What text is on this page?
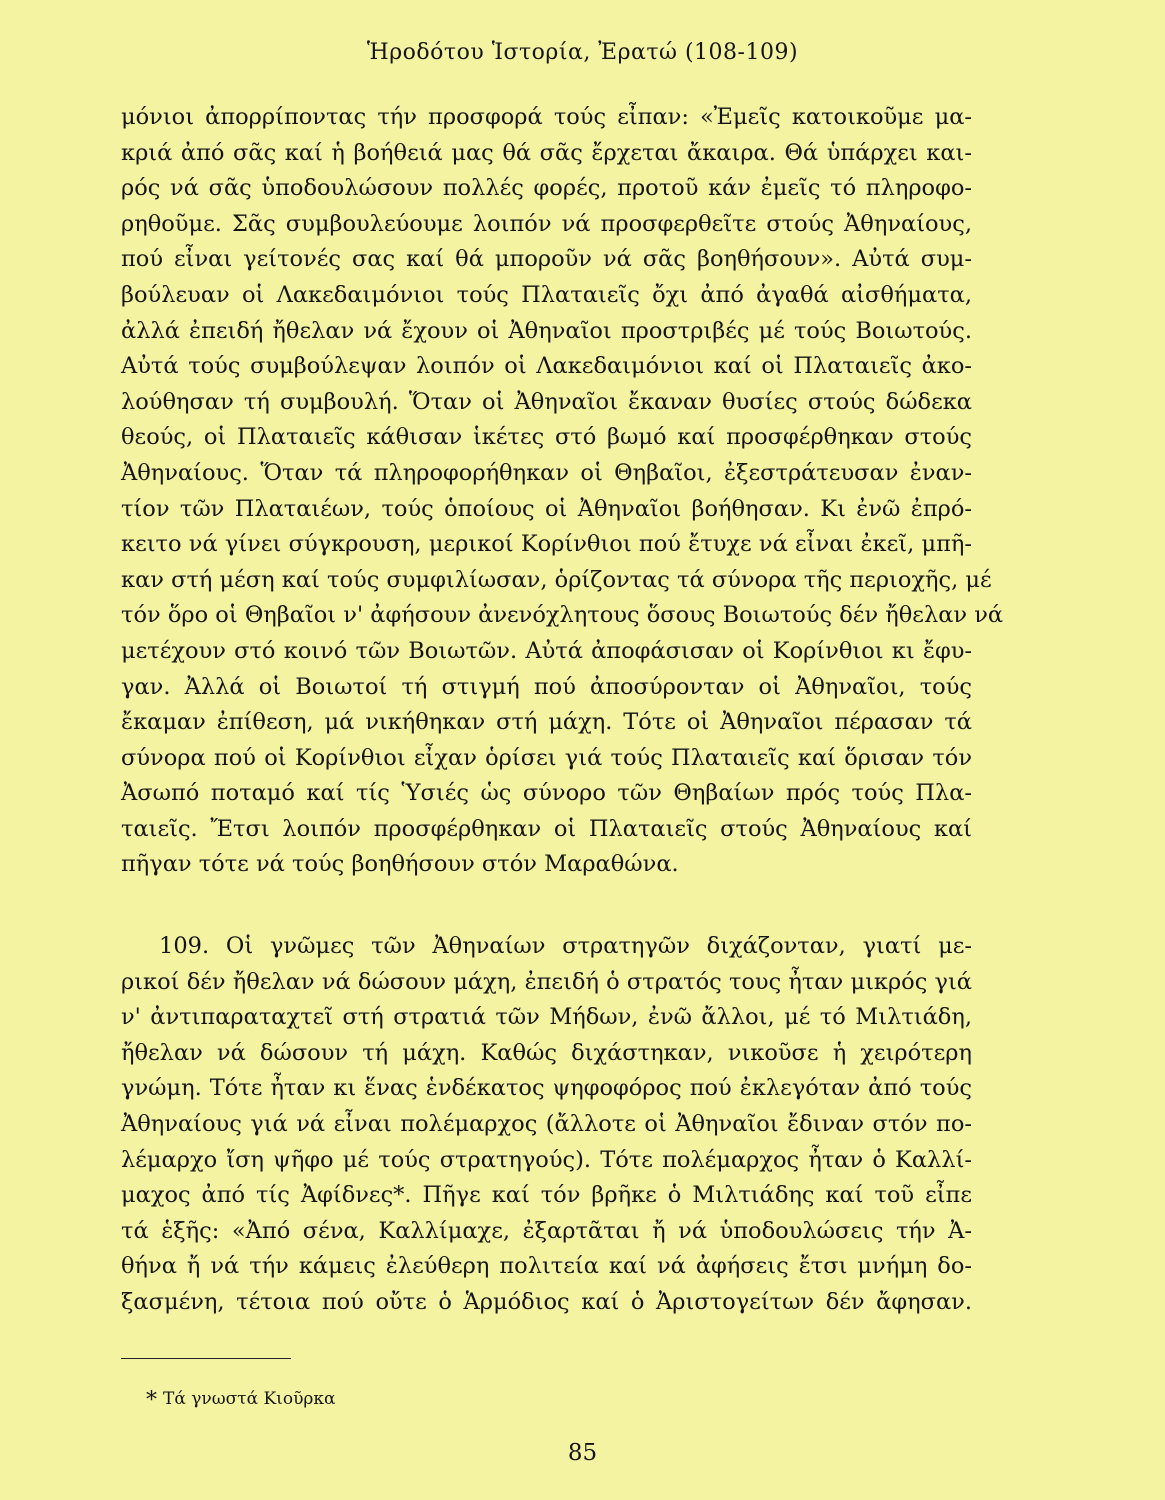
Ἡροδότου Ἱστορία, Ἐρατώ (108-109)
μόνιοι ἀπορρίποντας τήν προσφορά τούς εἶπαν: «Ἐμεῖς κατοικοῦμε μα-
κριά ἀπό σᾶς καί ἡ βοήθειά μας θά σᾶς ἔρχεται ἄκαιρα. Θά ὑπάρχει και-
ρός νά σᾶς ὑποδουλώσουν πολλές φορές, προτοῦ κάν ἐμεῖς τό πληροφο-
ρηθοῦμε. Σᾶς συμβουλεύουμε λοιπόν νά προσφερθεῖτε στούς Ἀθηναίους,
πού εἶναι γείτονές σας καί θά μποροῦν νά σᾶς βοηθήσουν». Αὐτά συμ-
βούλευαν οἱ Λακεδαιμόνιοι τούς Πλαταιεῖς ὄχι ἀπό ἀγαθά αἰσθήματα,
ἀλλά ἐπειδή ἤθελαν νά ἔχουν οἱ Ἀθηναῖοι προστριβές μέ τούς Βοιωτούς.
Αὐτά τούς συμβούλεψαν λοιπόν οἱ Λακεδαιμόνιοι καί οἱ Πλαταιεῖς ἀκο-
λούθησαν τή συμβουλή. Ὅταν οἱ Ἀθηναῖοι ἔκαναν θυσίες στούς δώδεκα
θεούς, οἱ Πλαταιεῖς κάθισαν ἱκέτες στό βωμό καί προσφέρθηκαν στούς
Ἀθηναίους. Ὅταν τά πληροφορήθηκαν οἱ Θηβαῖοι, ἐξεστράτευσαν ἐναν-
τίον τῶν Πλαταιέων, τούς ὁποίους οἱ Ἀθηναῖοι βοήθησαν. Κι ἐνῶ ἐπρό-
κειτο νά γίνει σύγκρουση, μερικοί Κορίνθιοι πού ἔτυχε νά εἶναι ἐκεῖ, μπῆ-
καν στή μέση καί τούς συμφιλίωσαν, ὁρίζοντας τά σύνορα τῆς περιοχῆς, μέ
τόν ὅρο οἱ Θηβαῖοι ν' ἀφήσουν ἀνενόχλητους ὅσους Βοιωτούς δέν ἤθελαν νά
μετέχουν στό κοινό τῶν Βοιωτῶν. Αὐτά ἀποφάσισαν οἱ Κορίνθιοι κι ἔφυ-
γαν. Ἀλλά οἱ Βοιωτοί τή στιγμή πού ἀποσύρονταν οἱ Ἀθηναῖοι, τούς
ἔκαμαν ἐπίθεση, μά νικήθηκαν στή μάχη. Τότε οἱ Ἀθηναῖοι πέρασαν τά
σύνορα πού οἱ Κορίνθιοι εἶχαν ὁρίσει γιά τούς Πλαταιεῖς καί ὅρισαν τόν
Ἀσωπό ποταμό καί τίς Ὑσιές ὡς σύνορο τῶν Θηβαίων πρός τούς Πλα-
ταιεῖς. Ἔτσι λοιπόν προσφέρθηκαν οἱ Πλαταιεῖς στούς Ἀθηναίους καί
πῆγαν τότε νά τούς βοηθήσουν στόν Μαραθώνα.
109. Οἱ γνῶμες τῶν Ἀθηναίων στρατηγῶν διχάζονταν, γιατί με-
ρικοί δέν ἤθελαν νά δώσουν μάχη, ἐπειδή ὁ στρατός τους ἦταν μικρός γιά
ν' ἀντιπαραταχτεῖ στή στρατιά τῶν Μήδων, ἐνῶ ἄλλοι, μέ τό Μιλτιάδη,
ἤθελαν νά δώσουν τή μάχη. Καθώς διχάστηκαν, νικοῦσε ἡ χειρότερη
γνώμη. Τότε ἦταν κι ἕνας ἑνδέκατος ψηφοφόρος πού ἐκλεγόταν ἀπό τούς
Ἀθηναίους γιά νά εἶναι πολέμαρχος (ἄλλοτε οἱ Ἀθηναῖοι ἔδιναν στόν πο-
λέμαρχο ἴση ψῆφο μέ τούς στρατηγούς). Τότε πολέμαρχος ἦταν ὁ Καλλί-
μαχος ἀπό τίς Ἀφίδνες*. Πῆγε καί τόν βρῆκε ὁ Μιλτιάδης καί τοῦ εἶπε
τά ἑξῆς: «Ἀπό σένα, Καλλίμαχε, ἐξαρτᾶται ἤ νά ὑποδουλώσεις τήν Ἀ-
θήνα ἤ νά τήν κάμεις ἐλεύθερη πολιτεία καί νά ἀφήσεις ἔτσι μνήμη δο-
ξασμένη, τέτοια πού οὔτε ὁ Ἁρμόδιος καί ὁ Ἀριστογείτων δέν ἄφησαν.
* Τά γνωστά Κιοῦρκα
85
